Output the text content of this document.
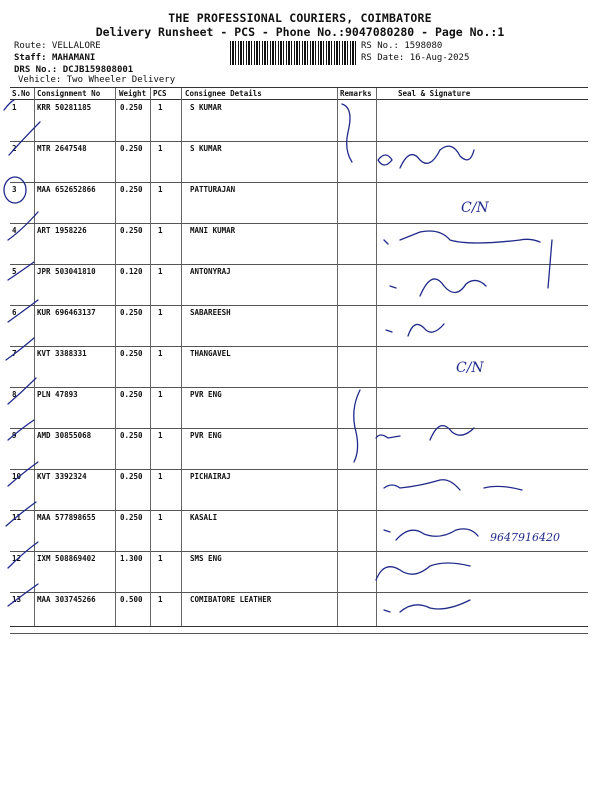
THE PROFESSIONAL COURIERS, COIMBATORE
Delivery Runsheet - PCS - Phone No.:9047080280 - Page No.:1
Route: VELLALORE
Staff: MAHAMANI
DRS No.: DCJB159808001
Vehicle: Two Wheeler Delivery
RS No.: 1598080
RS Date: 16-Aug-2025
S.No Consignment No	Weight PCS Consignee Details	Remarks	Seal & Signature
1	KRR 50281185	0.250 1	S KUMAR
2	MTR 2647548	0.250 1	S KUMAR
3	MAA 652652866	0.250 1	PATTURAJAN
4	ART 1958226	0.250 1	MANI KUMAR
5	JPR 503041810	0.120 1	ANTONYRAJ
6	KUR 696463137	0.250 1	SABAREESH
7	KVT 3388331	0.250 1	THANGAVEL
8	PLN 47893	0.250 1	PVR ENG
9	AMD 30855068	0.250 1	PVR ENG
10 KVT 3392324	0.250 1	PICHAIRAJ
11 MAA 577898655	0.250 1	KASALI
12 IXM 508869402	1.300 1	SMS ENG
13 MAA 303745266	0.500 1	COMIBATORE LEATHER
C/N
C/N
9647916420
